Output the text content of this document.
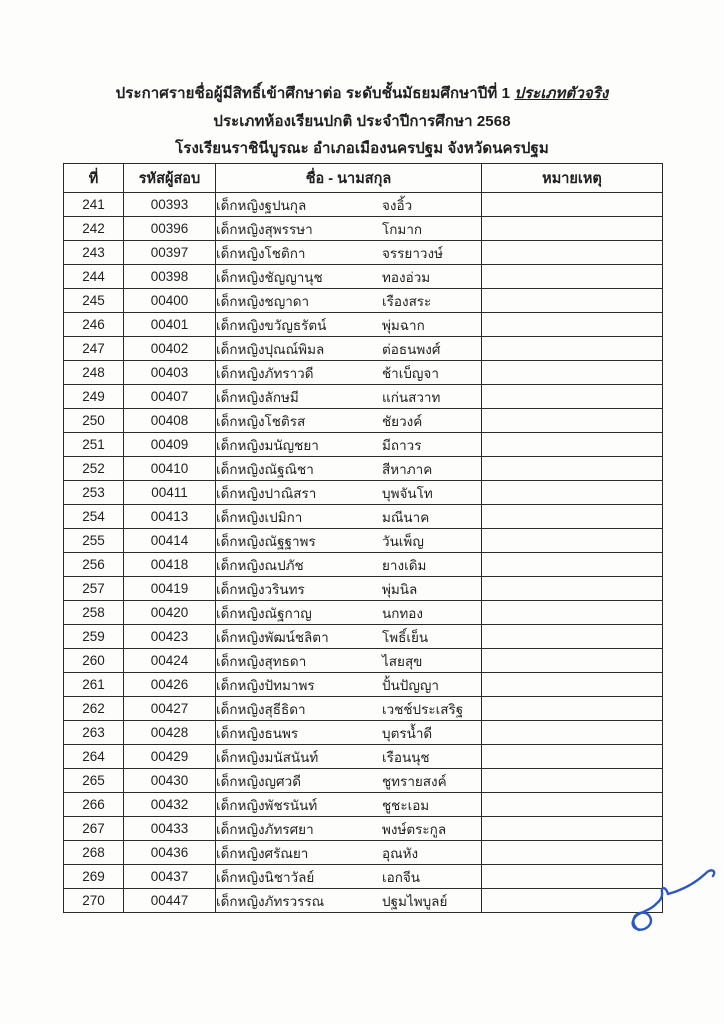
ประกาศรายชื่อผู้มีสิทธิ์เข้าศึกษาต่อ ระดับชั้นมัธยมศึกษาปีที่ 1 ประเภทตัวจริง
ประเภทห้องเรียนปกติ ประจำปีการศึกษา 2568
โรงเรียนราชินีบูรณะ อำเภอเมืองนครปฐม จังหวัดนครปฐม
ที่	รหัสผู้สอบ	ชื่อ - นามสกุล	หมายเหตุ
241	00393	เด็กหญิงฐปนกุล จงอิ้ว	
242	00396	เด็กหญิงสุพรรษา โกมาก	
243	00397	เด็กหญิงโชติกา จรรยาวงษ์	
244	00398	เด็กหญิงชัญญานุช ทองอ่วม	
245	00400	เด็กหญิงชญาดา เรืองสระ	
246	00401	เด็กหญิงขวัญธรัตน์ พุ่มฉาก	
247	00402	เด็กหญิงปุณณ์พิมล ต่อธนพงศ์	
248	00403	เด็กหญิงภัทราวดี ช้าเบ็ญจา	
249	00407	เด็กหญิงลักษมี แก่นสวาท	
250	00408	เด็กหญิงโชติรส ชัยวงค์	
251	00409	เด็กหญิงมนัญชยา มีถาวร	
252	00410	เด็กหญิงณัฐณิชา สีหาภาค	
253	00411	เด็กหญิงปาณิสรา บุพจันโท	
254	00413	เด็กหญิงเปมิกา มณีนาค	
255	00414	เด็กหญิงณัฐฐาพร วันเพ็ญ	
256	00418	เด็กหญิงณปภัช ยางเดิม	
257	00419	เด็กหญิงวรินทร พุ่มนิล	
258	00420	เด็กหญิงณัฐกาญ นกทอง	
259	00423	เด็กหญิงพัฒน์ชลิตา โพธิ์เย็น	
260	00424	เด็กหญิงสุทธดา ไสยสุข	
261	00426	เด็กหญิงปัทมาพร ปั้นปัญญา	
262	00427	เด็กหญิงสุธีธิดา เวชช์ประเสริฐ	
263	00428	เด็กหญิงธนพร บุตรน้ำดี	
264	00429	เด็กหญิงมนัสนันท์ เรือนนุช	
265	00430	เด็กหญิงญศวดี ชูทรายสงค์	
266	00432	เด็กหญิงพัชรนันท์ ชูชะเอม	
267	00433	เด็กหญิงภัทรศยา พงษ์ตระกูล	
268	00436	เด็กหญิงศรัณยา อุณหัง	
269	00437	เด็กหญิงนิชาวัลย์ เอกจีน	
270	00447	เด็กหญิงภัทรวรรณ ปฐมไพบูลย์	
